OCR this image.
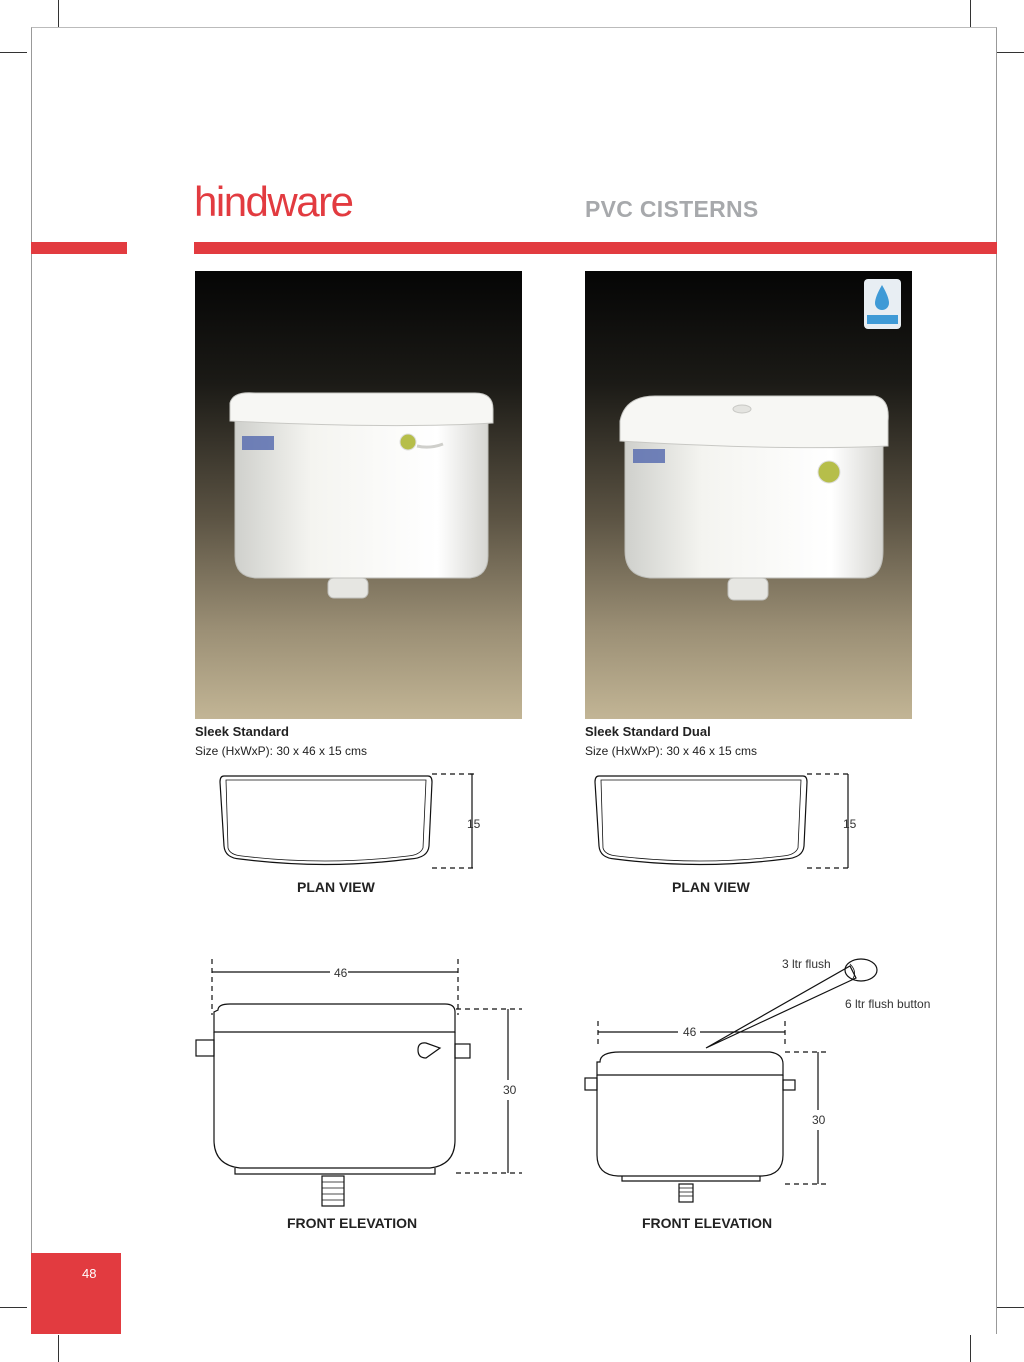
hindware	PVC CISTERNS
Sleek Standard
Size (HxWxP): 30 x 46 x 15 cms
Sleek Standard Dual
Size (HxWxP): 30 x 46 x 15 cms
15	15
PLAN VIEW	PLAN VIEW
46
30
46
30
3 ltr flush
6 ltr flush button
FRONT ELEVATION	FRONT ELEVATION
48
